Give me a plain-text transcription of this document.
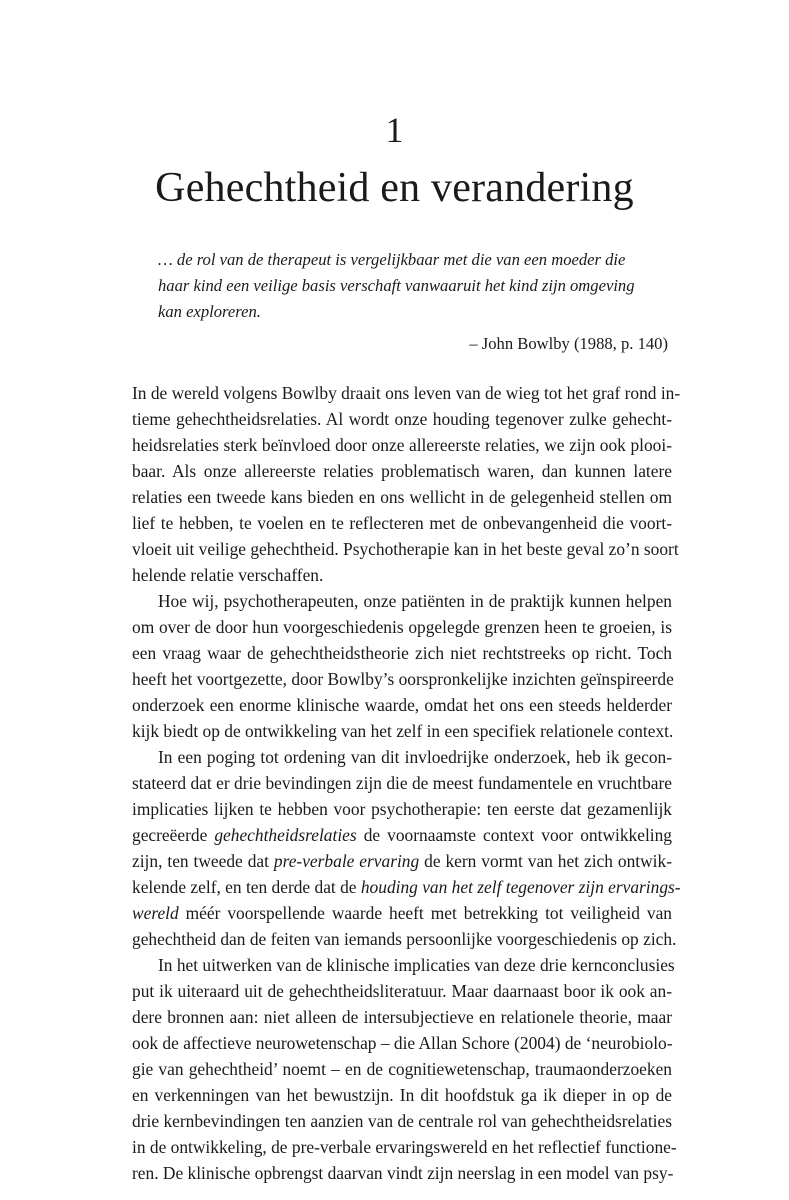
1
Gehechtheid en verandering
… de rol van de therapeut is vergelijkbaar met die van een moeder die
haar kind een veilige basis verschaft vanwaaruit het kind zijn omgeving
kan exploreren.
– John Bowlby (1988, p. 140)
In de wereld volgens Bowlby draait ons leven van de wieg tot het graf rond in-
tieme gehechtheidsrelaties. Al wordt onze houding tegenover zulke gehecht-
heidsrelaties sterk beïnvloed door onze allereerste relaties, we zijn ook plooi-
baar. Als onze allereerste relaties problematisch waren, dan kunnen latere
relaties een tweede kans bieden en ons wellicht in de gelegenheid stellen om
lief te hebben, te voelen en te reflecteren met de onbevangenheid die voort-
vloeit uit veilige gehechtheid. Psychotherapie kan in het beste geval zo’n soort
helende relatie verschaffen.
Hoe wij, psychotherapeuten, onze patiënten in de praktijk kunnen helpen
om over de door hun voorgeschiedenis opgelegde grenzen heen te groeien, is
een vraag waar de gehechtheidstheorie zich niet rechtstreeks op richt. Toch
heeft het voortgezette, door Bowlby’s oorspronkelijke inzichten geïnspireerde
onderzoek een enorme klinische waarde, omdat het ons een steeds helderder
kijk biedt op de ontwikkeling van het zelf in een specifiek relationele context.
In een poging tot ordening van dit invloedrijke onderzoek, heb ik gecon-
stateerd dat er drie bevindingen zijn die de meest fundamentele en vruchtbare
implicaties lijken te hebben voor psychotherapie: ten eerste dat gezamenlijk
gecreëerde gehechtheidsrelaties de voornaamste context voor ontwikkeling
zijn, ten tweede dat pre-verbale ervaring de kern vormt van het zich ontwik-
kelende zelf, en ten derde dat de houding van het zelf tegenover zijn ervarings-
wereld méér voorspellende waarde heeft met betrekking tot veiligheid van
gehechtheid dan de feiten van iemands persoonlijke voorgeschiedenis op zich.
In het uitwerken van de klinische implicaties van deze drie kernconclusies
put ik uiteraard uit de gehechtheidsliteratuur. Maar daarnaast boor ik ook an-
dere bronnen aan: niet alleen de intersubjectieve en relationele theorie, maar
ook de affectieve neurowetenschap – die Allan Schore (2004) de ‘neurobiolo-
gie van gehechtheid’ noemt – en de cognitiewetenschap, traumaonderzoeken
en verkenningen van het bewustzijn. In dit hoofdstuk ga ik dieper in op de
drie kernbevindingen ten aanzien van de centrale rol van gehechtheidsrelaties
in de ontwikkeling, de pre-verbale ervaringswereld en het reflectief functione-
ren. De klinische opbrengst daarvan vindt zijn neerslag in een model van psy-
